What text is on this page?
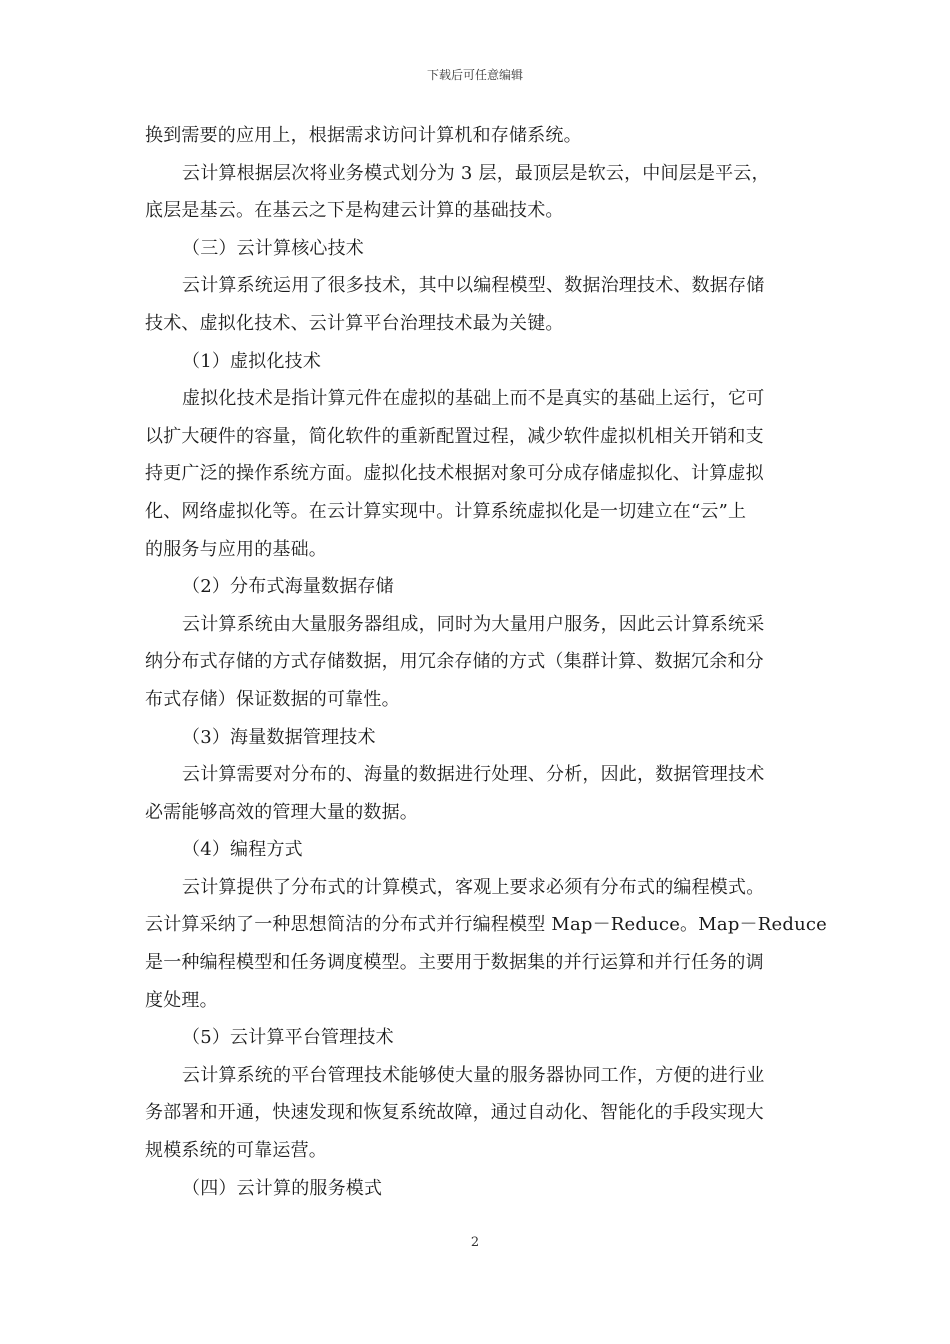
下载后可任意编辑
换到需要的应用上，根据需求访问计算机和存储系统。
云计算根据层次将业务模式划分为 3 层，最顶层是软云，中间层是平云，
底层是基云。在基云之下是构建云计算的基础技术。
（三）云计算核心技术
云计算系统运用了很多技术，其中以编程模型、数据治理技术、数据存储
技术、虚拟化技术、云计算平台治理技术最为关键。
（1）虚拟化技术
虚拟化技术是指计算元件在虚拟的基础上而不是真实的基础上运行，它可
以扩大硬件的容量，简化软件的重新配置过程，减少软件虚拟机相关开销和支
持更广泛的操作系统方面。虚拟化技术根据对象可分成存储虚拟化、计算虚拟
化、网络虚拟化等。在云计算实现中。计算系统虚拟化是一切建立在“云”上
的服务与应用的基础。
（2）分布式海量数据存储
云计算系统由大量服务器组成，同时为大量用户服务，因此云计算系统采
纳分布式存储的方式存储数据，用冗余存储的方式（集群计算、数据冗余和分
布式存储）保证数据的可靠性。
（3）海量数据管理技术
云计算需要对分布的、海量的数据进行处理、分析，因此，数据管理技术
必需能够高效的管理大量的数据。
（4）编程方式
云计算提供了分布式的计算模式，客观上要求必须有分布式的编程模式。
云计算采纳了一种思想简洁的分布式并行编程模型 Map－Reduce。Map－Reduce
是一种编程模型和任务调度模型。主要用于数据集的并行运算和并行任务的调
度处理。
（5）云计算平台管理技术
云计算系统的平台管理技术能够使大量的服务器协同工作，方便的进行业
务部署和开通，快速发现和恢复系统故障，通过自动化、智能化的手段实现大
规模系统的可靠运营。
（四）云计算的服务模式
2
